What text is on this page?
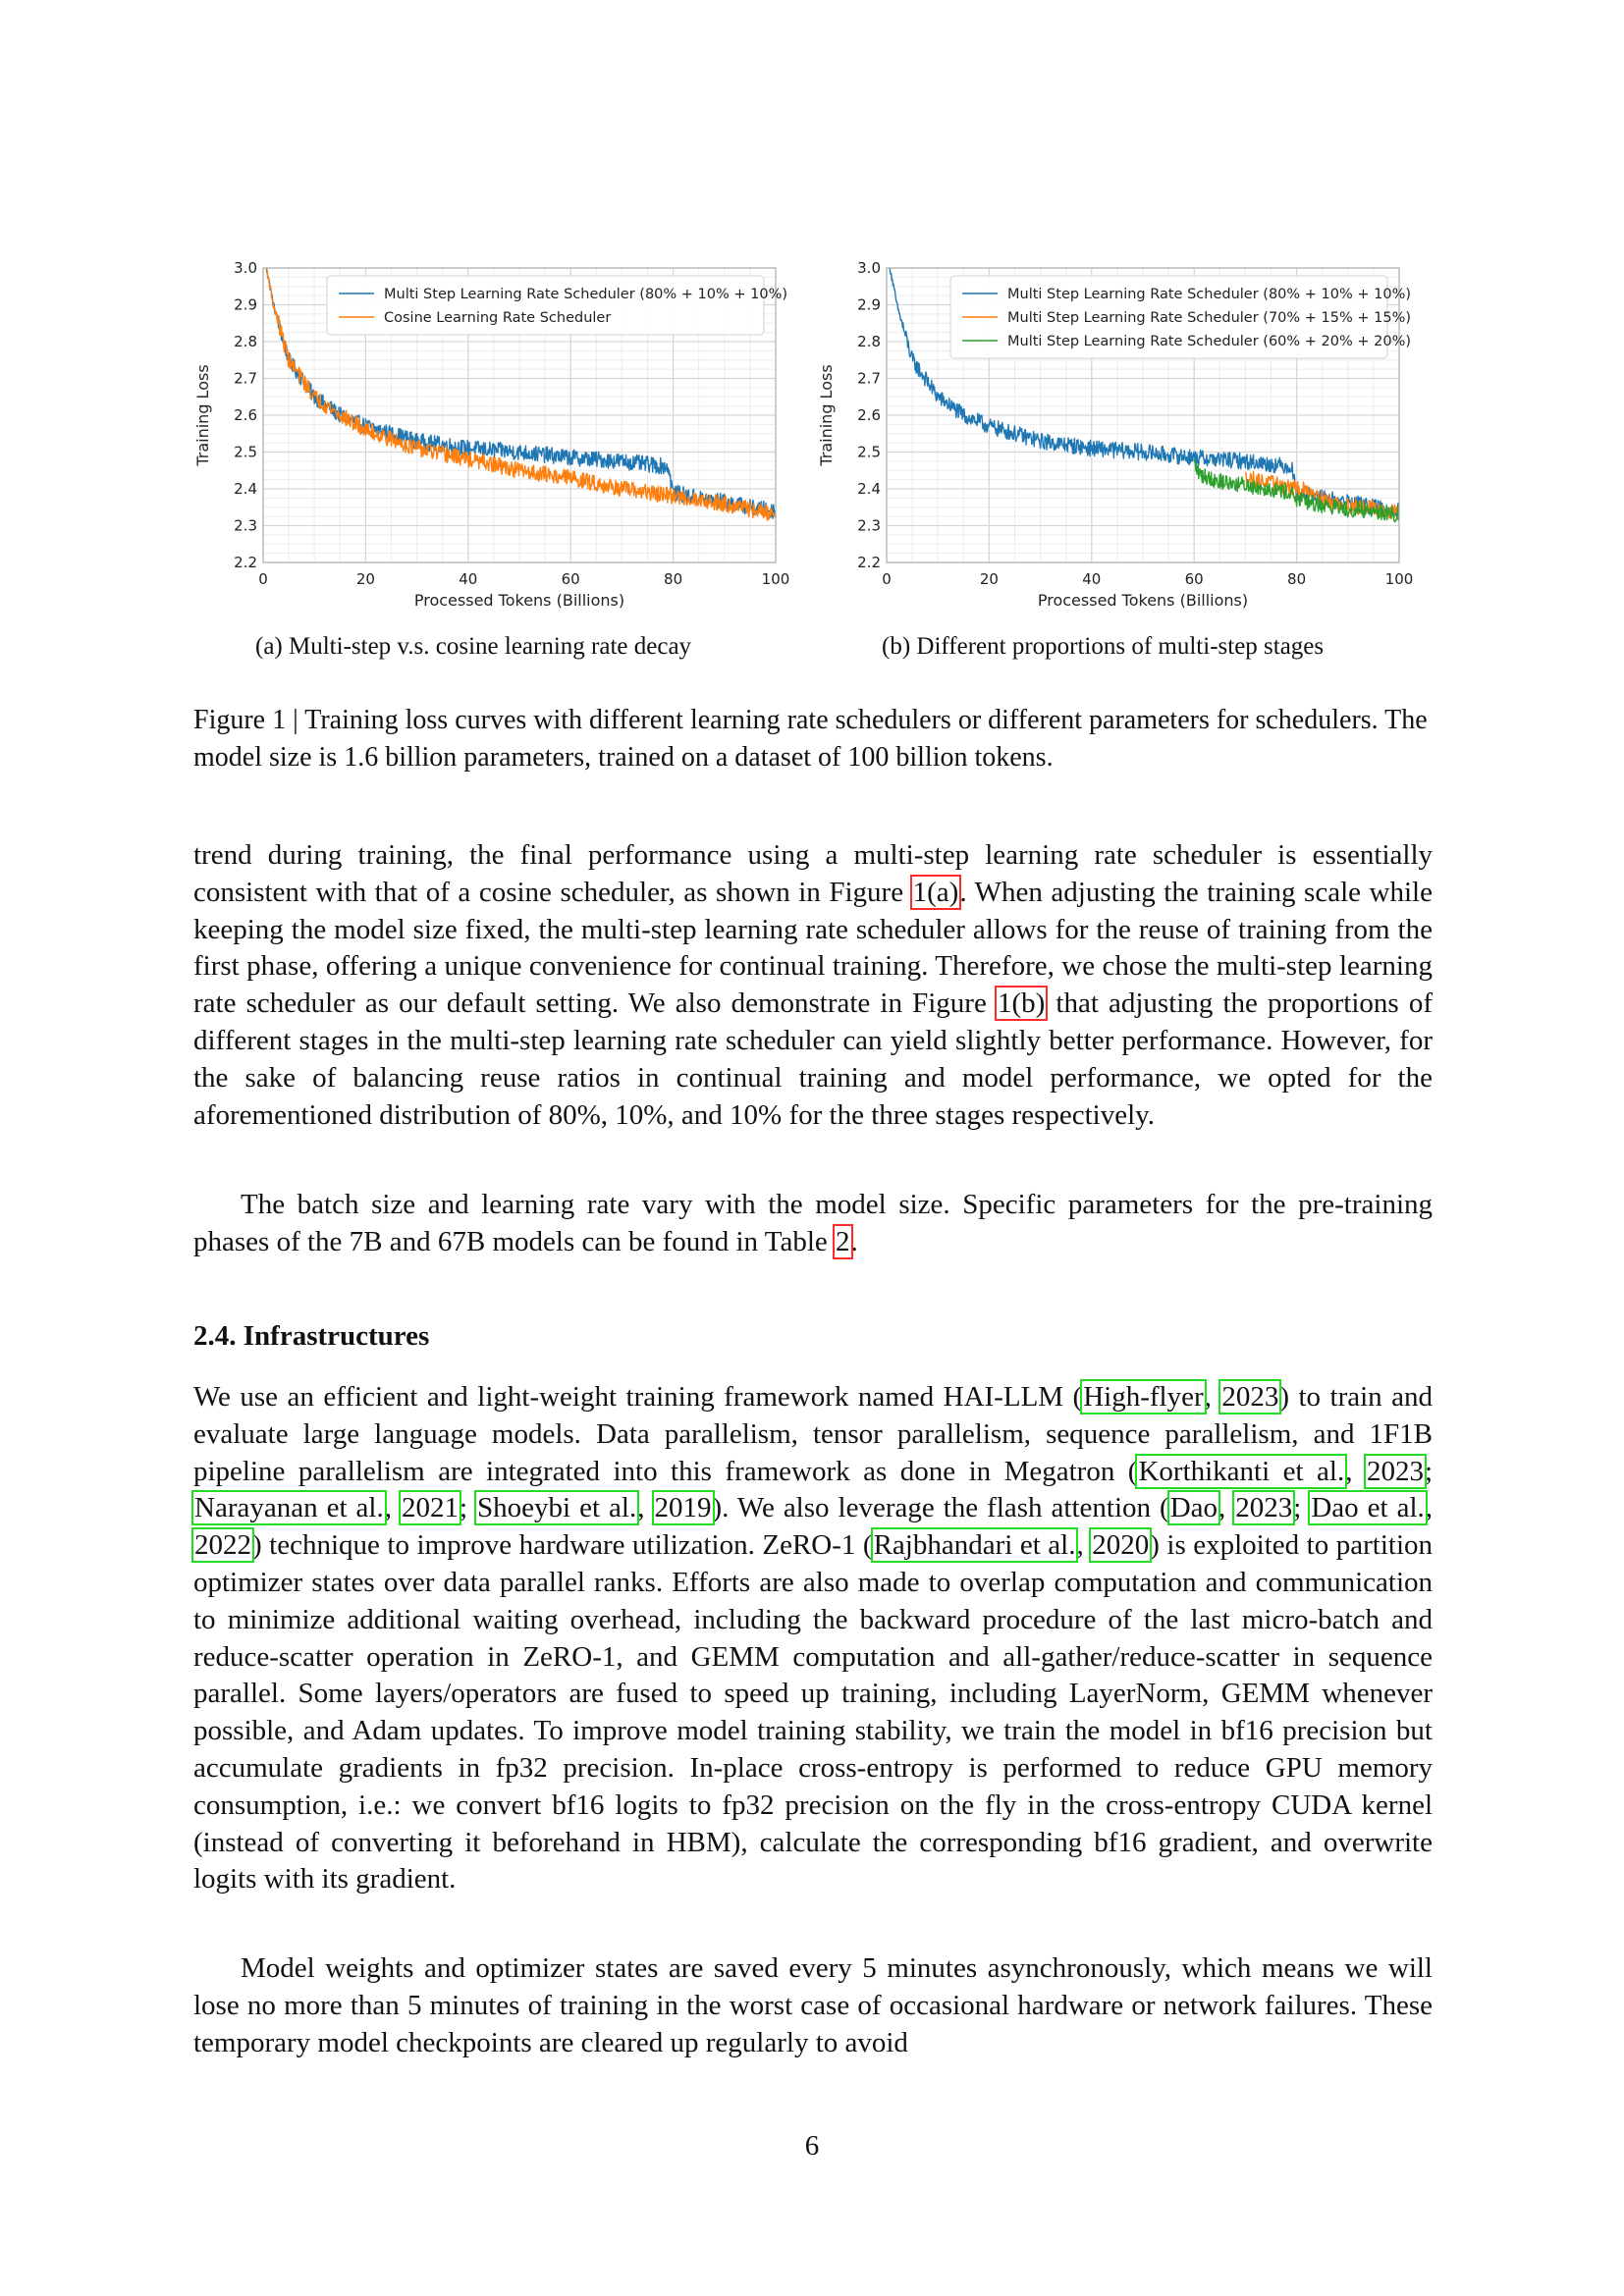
0	20	40	60	80	100
2.2
2.3
2.4
2.5
2.6
2.7
2.8
2.9
3.0
Processed Tokens (Billions)
Training Loss
Multi Step Learning Rate Scheduler (80% + 10% + 10%)
Cosine Learning Rate Scheduler
(a) Multi-step v.s. cosine learning rate decay
0	20	40	60	80	100
2.2
2.3
2.4
2.5
2.6
2.7
2.8
2.9
3.0
Processed Tokens (Billions)
Training Loss
Multi Step Learning Rate Scheduler (80% + 10% + 10%)
Multi Step Learning Rate Scheduler (70% + 15% + 15%)
Multi Step Learning Rate Scheduler (60% + 20% + 20%)
(b) Different proportions of multi-step stages
Figure 1 | Training loss curves with different learning rate schedulers or different parameters for schedulers. The model size is 1.6 billion parameters, trained on a dataset of 100 billion tokens.

trend during training, the final performance using a multi-step learning rate scheduler is essentially consistent with that of a cosine scheduler, as shown in Figure 1(a). When adjusting the training scale while keeping the model size fixed, the multi-step learning rate scheduler allows for the reuse of training from the first phase, offering a unique convenience for continual training. Therefore, we chose the multi-step learning rate scheduler as our default setting. We also demonstrate in Figure 1(b) that adjusting the proportions of different stages in the multi-step learning rate scheduler can yield slightly better performance. However, for the sake of balancing reuse ratios in continual training and model performance, we opted for the aforementioned distribution of 80%, 10%, and 10% for the three stages respectively.

The batch size and learning rate vary with the model size. Specific parameters for the pre-training phases of the 7B and 67B models can be found in Table 2.

2.4. Infrastructures

We use an efficient and light-weight training framework named HAI-LLM (High-flyer, 2023) to train and evaluate large language models. Data parallelism, tensor parallelism, sequence parallelism, and 1F1B pipeline parallelism are integrated into this framework as done in Megatron (Korthikanti et al., 2023; Narayanan et al., 2021; Shoeybi et al., 2019). We also leverage the flash attention (Dao, 2023; Dao et al., 2022) technique to improve hardware utilization. ZeRO-1 (Rajbhandari et al., 2020) is exploited to partition optimizer states over data parallel ranks. Efforts are also made to overlap computation and communication to minimize additional waiting overhead, including the backward procedure of the last micro-batch and reduce-scatter operation in ZeRO-1, and GEMM computation and all-gather/reduce-scatter in sequence parallel. Some layers/operators are fused to speed up training, including LayerNorm, GEMM whenever possible, and Adam updates. To improve model training stability, we train the model in bf16 precision but accumulate gradients in fp32 precision. In-place cross-entropy is performed to reduce GPU memory consumption, i.e.: we convert bf16 logits to fp32 precision on the fly in the cross-entropy CUDA kernel (instead of converting it beforehand in HBM), calculate the corresponding bf16 gradient, and overwrite logits with its gradient.

Model weights and optimizer states are saved every 5 minutes asynchronously, which means we will lose no more than 5 minutes of training in the worst case of occasional hardware or network failures. These temporary model checkpoints are cleared up regularly to avoid

6
